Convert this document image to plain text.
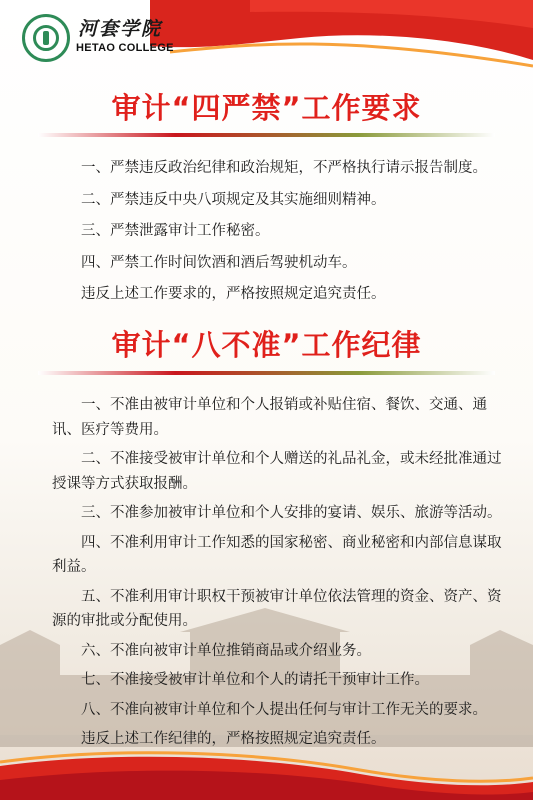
河套学院
HETAO COLLEGE
审计“四严禁”工作要求

一、严禁违反政治纪律和政治规矩，不严格执行请示报告制度。

二、严禁违反中央八项规定及其实施细则精神。

三、严禁泄露审计工作秘密。

四、严禁工作时间饮酒和酒后驾驶机动车。

违反上述工作要求的，严格按照规定追究责任。

审计“八不准”工作纪律

一、不准由被审计单位和个人报销或补贴住宿、餐饮、交通、通讯、医疗等费用。

二、不准接受被审计单位和个人赠送的礼品礼金，或未经批准通过授课等方式获取报酬。

三、不准参加被审计单位和个人安排的宴请、娱乐、旅游等活动。

四、不准利用审计工作知悉的国家秘密、商业秘密和内部信息谋取利益。

五、不准利用审计职权干预被审计单位依法管理的资金、资产、资源的审批或分配使用。

六、不准向被审计单位推销商品或介绍业务。

七、不准接受被审计单位和个人的请托干预审计工作。

八、不准向被审计单位和个人提出任何与审计工作无关的要求。

违反上述工作纪律的，严格按照规定追究责任。
